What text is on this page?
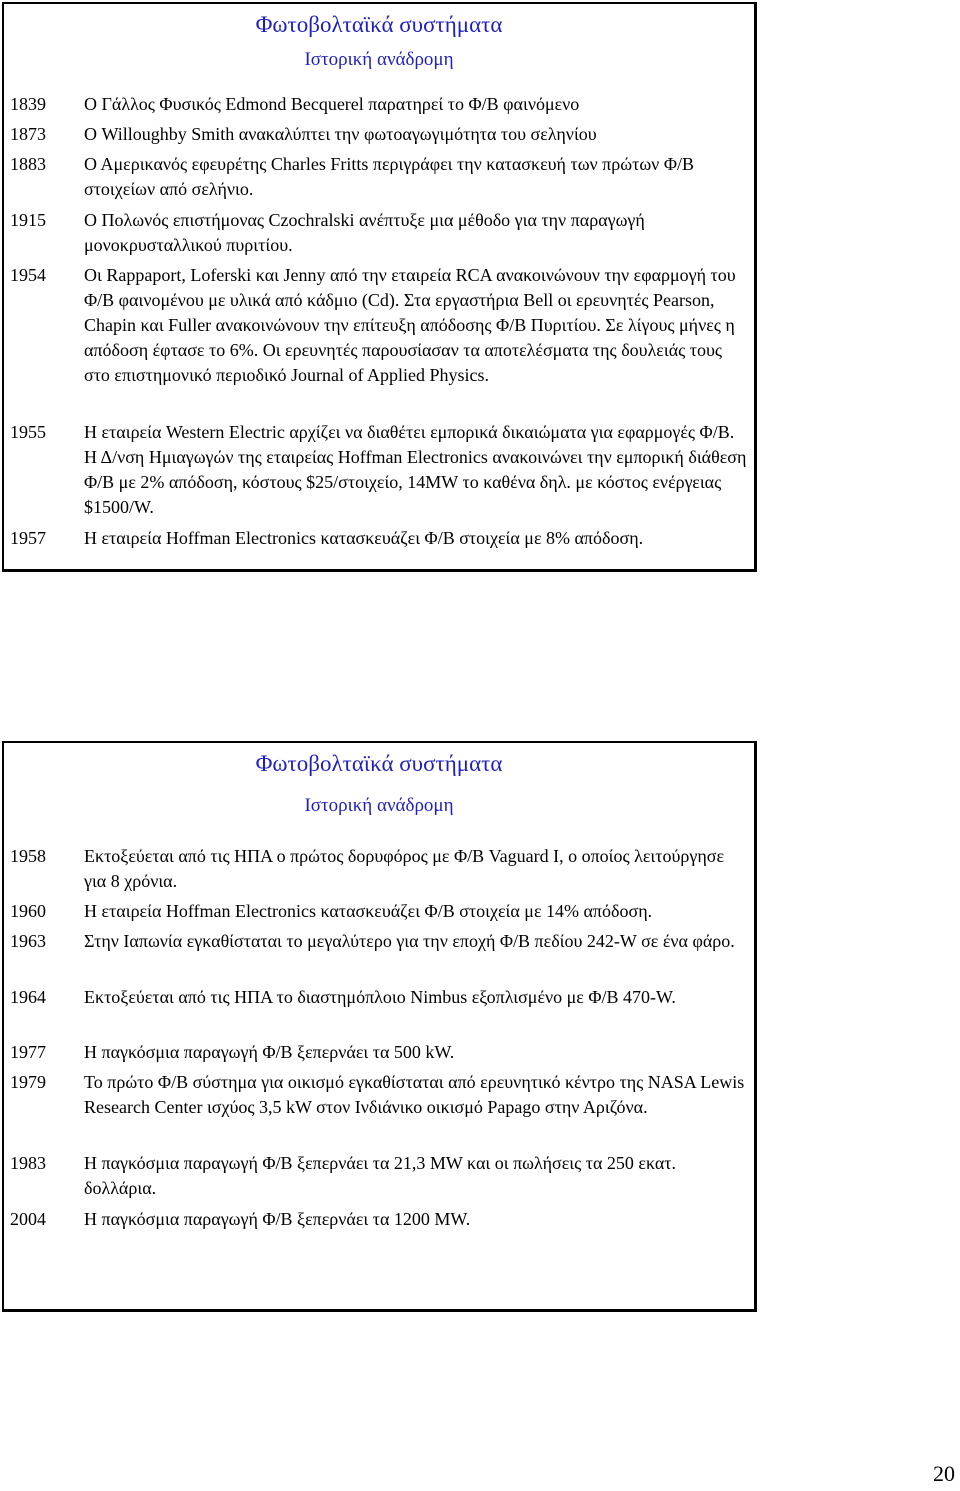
Φωτοβολταϊκά συστήματα
Ιστορική ανάδρομη
1839 Ο Γάλλος Φυσικός Edmond Becquerel παρατηρεί το Φ/Β φαινόμενο
1873 Ο Willoughby Smith ανακαλύπτει την φωτοαγωγιμότητα του σεληνίου
1883 Ο Αμερικανός εφευρέτης Charles Fritts περιγράφει την κατασκευή των πρώτων Φ/Β στοιχείων από σελήνιο.
1915 Ο Πολωνός επιστήμονας Czochralski ανέπτυξε μια μέθοδο για την παραγωγή μονοκρυσταλλικού πυριτίου.
1954 Οι Rappaport, Loferski και Jenny από την εταιρεία RCA ανακοινώνουν την εφαρμογή του Φ/Β φαινομένου με υλικά από κάδμιο (Cd). Στα εργαστήρια Bell οι ερευνητές Pearson, Chapin και Fuller ανακοινώνουν την επίτευξη απόδοσης Φ/Β Πυριτίου. Σε λίγους μήνες η απόδοση έφτασε το 6%. Οι ερευνητές παρουσίασαν τα αποτελέσματα της δουλειάς τους στο επιστημονικό περιοδικό Journal of Applied Physics.
1955 Η εταιρεία Western Electric αρχίζει να διαθέτει εμπορικά δικαιώματα για εφαρμογές Φ/Β. Η Δ/νση Ημιαγωγών της εταιρείας Hoffman Electronics ανακοινώνει την εμπορική διάθεση Φ/Β με 2% απόδοση, κόστους $25/στοιχείο, 14MW το καθένα δηλ. με κόστος ενέργειας $1500/W.
1957 Η εταιρεία Hoffman Electronics κατασκευάζει Φ/Β στοιχεία με 8% απόδοση.
Φωτοβολταϊκά συστήματα
Ιστορική ανάδρομη
1958 Εκτοξεύεται από τις ΗΠΑ ο πρώτος δορυφόρος με Φ/Β Vaguard I, ο οποίος λειτούργησε για 8 χρόνια.
1960 Η εταιρεία Hoffman Electronics κατασκευάζει Φ/Β στοιχεία με 14% απόδοση.
1963 Στην Ιαπωνία εγκαθίσταται το μεγαλύτερο για την εποχή Φ/Β πεδίου 242-W σε ένα φάρο.
1964 Εκτοξεύεται από τις ΗΠΑ το διαστημόπλοιο Nimbus εξοπλισμένο με Φ/Β 470-W.
1977 Η παγκόσμια παραγωγή Φ/Β ξεπερνάει τα 500 kW.
1979 Το πρώτο Φ/Β σύστημα για οικισμό εγκαθίσταται από ερευνητικό κέντρο της NASA Lewis Research Center ισχύος 3,5 kW στον Ινδιάνικο οικισμό Papago στην Αριζόνα.
1983 Η παγκόσμια παραγωγή Φ/Β ξεπερνάει τα 21,3 MW και οι πωλήσεις τα 250 εκατ. δολλάρια.
2004 Η παγκόσμια παραγωγή Φ/Β ξεπερνάει τα 1200 MW.
20
